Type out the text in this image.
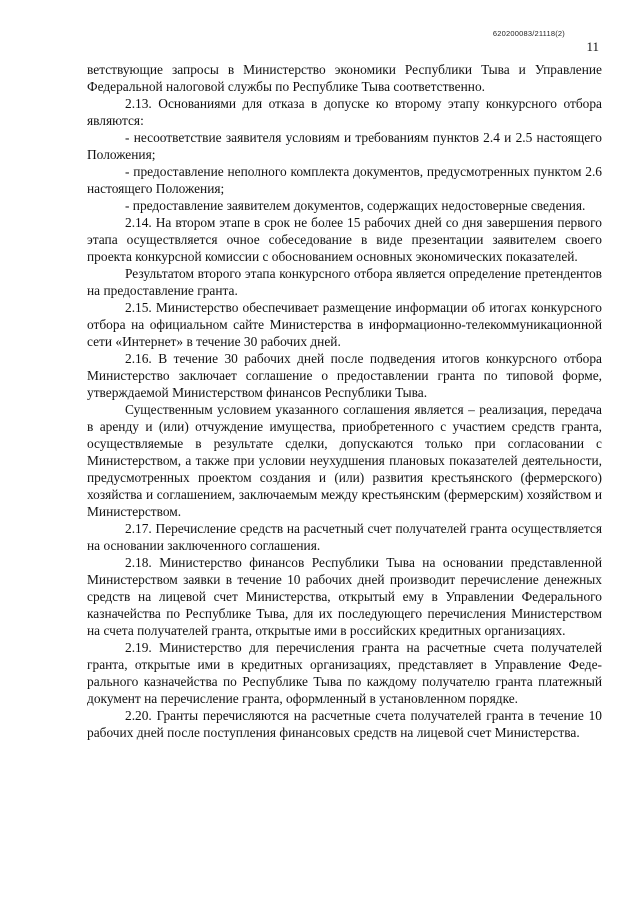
620200083/21118(2)
11

ветствующие запросы в Министерство экономики Республики Тыва и Управление Федеральной налоговой службы по Республике Тыва соответственно.

2.13. Основаниями для отказа в допуске ко второму этапу конкурсного отбора являются:

- несоответствие заявителя условиям и требованиям пунктов 2.4 и 2.5 настоящего Положения;

- предоставление неполного комплекта документов, предусмотренных пунктом 2.6 настоящего Положения;

- предоставление заявителем документов, содержащих недостоверные сведения.

2.14. На втором этапе в срок не более 15 рабочих дней со дня завершения первого этапа осуществляется очное собеседование в виде презентации заявителем своего проекта конкурсной комиссии с обоснованием основных экономических показателей.

Результатом второго этапа конкурсного отбора является определение претендентов на предоставление гранта.

2.15. Министерство обеспечивает размещение информации об итогах конкурсного отбора на официальном сайте Министерства в информационно-телекоммуникационной сети «Интернет» в течение 30 рабочих дней.

2.16. В течение 30 рабочих дней после подведения итогов конкурсного отбора Министерство заключает соглашение о предоставлении гранта по типовой форме, утверждаемой Министерством финансов Республики Тыва.

Существенным условием указанного соглашения является – реализация, передача в аренду и (или) отчуждение имущества, приобретенного с участием средств гранта, осуществляемые в результате сделки, допускаются только при согласовании с Министерством, а также при условии неухудшения плановых показателей деятельности, предусмотренных проектом создания и (или) развития крестьянского (фермерского) хозяйства и соглашением, заключаемым между крестьянским (фермерским) хозяйством и Министерством.

2.17. Перечисление средств на расчетный счет получателей гранта осуществляется на основании заключенного соглашения.

2.18. Министерство финансов Республики Тыва на основании представленной Министерством заявки в течение 10 рабочих дней производит перечисление денежных средств на лицевой счет Министерства, открытый ему в Управлении Федерального казначейства по Республике Тыва, для их последующего перечисления Министерством на счета получателей гранта, открытые ими в российских кредитных организациях.

2.19. Министерство для перечисления гранта на расчетные счета получателей гранта, открытые ими в кредитных организациях, представляет в Управление Федерального казначейства по Республике Тыва по каждому получателю гранта платежный документ на перечисление гранта, оформленный в установленном порядке.

2.20. Гранты перечисляются на расчетные счета получателей гранта в течение 10 рабочих дней после поступления финансовых средств на лицевой счет Министерства.
